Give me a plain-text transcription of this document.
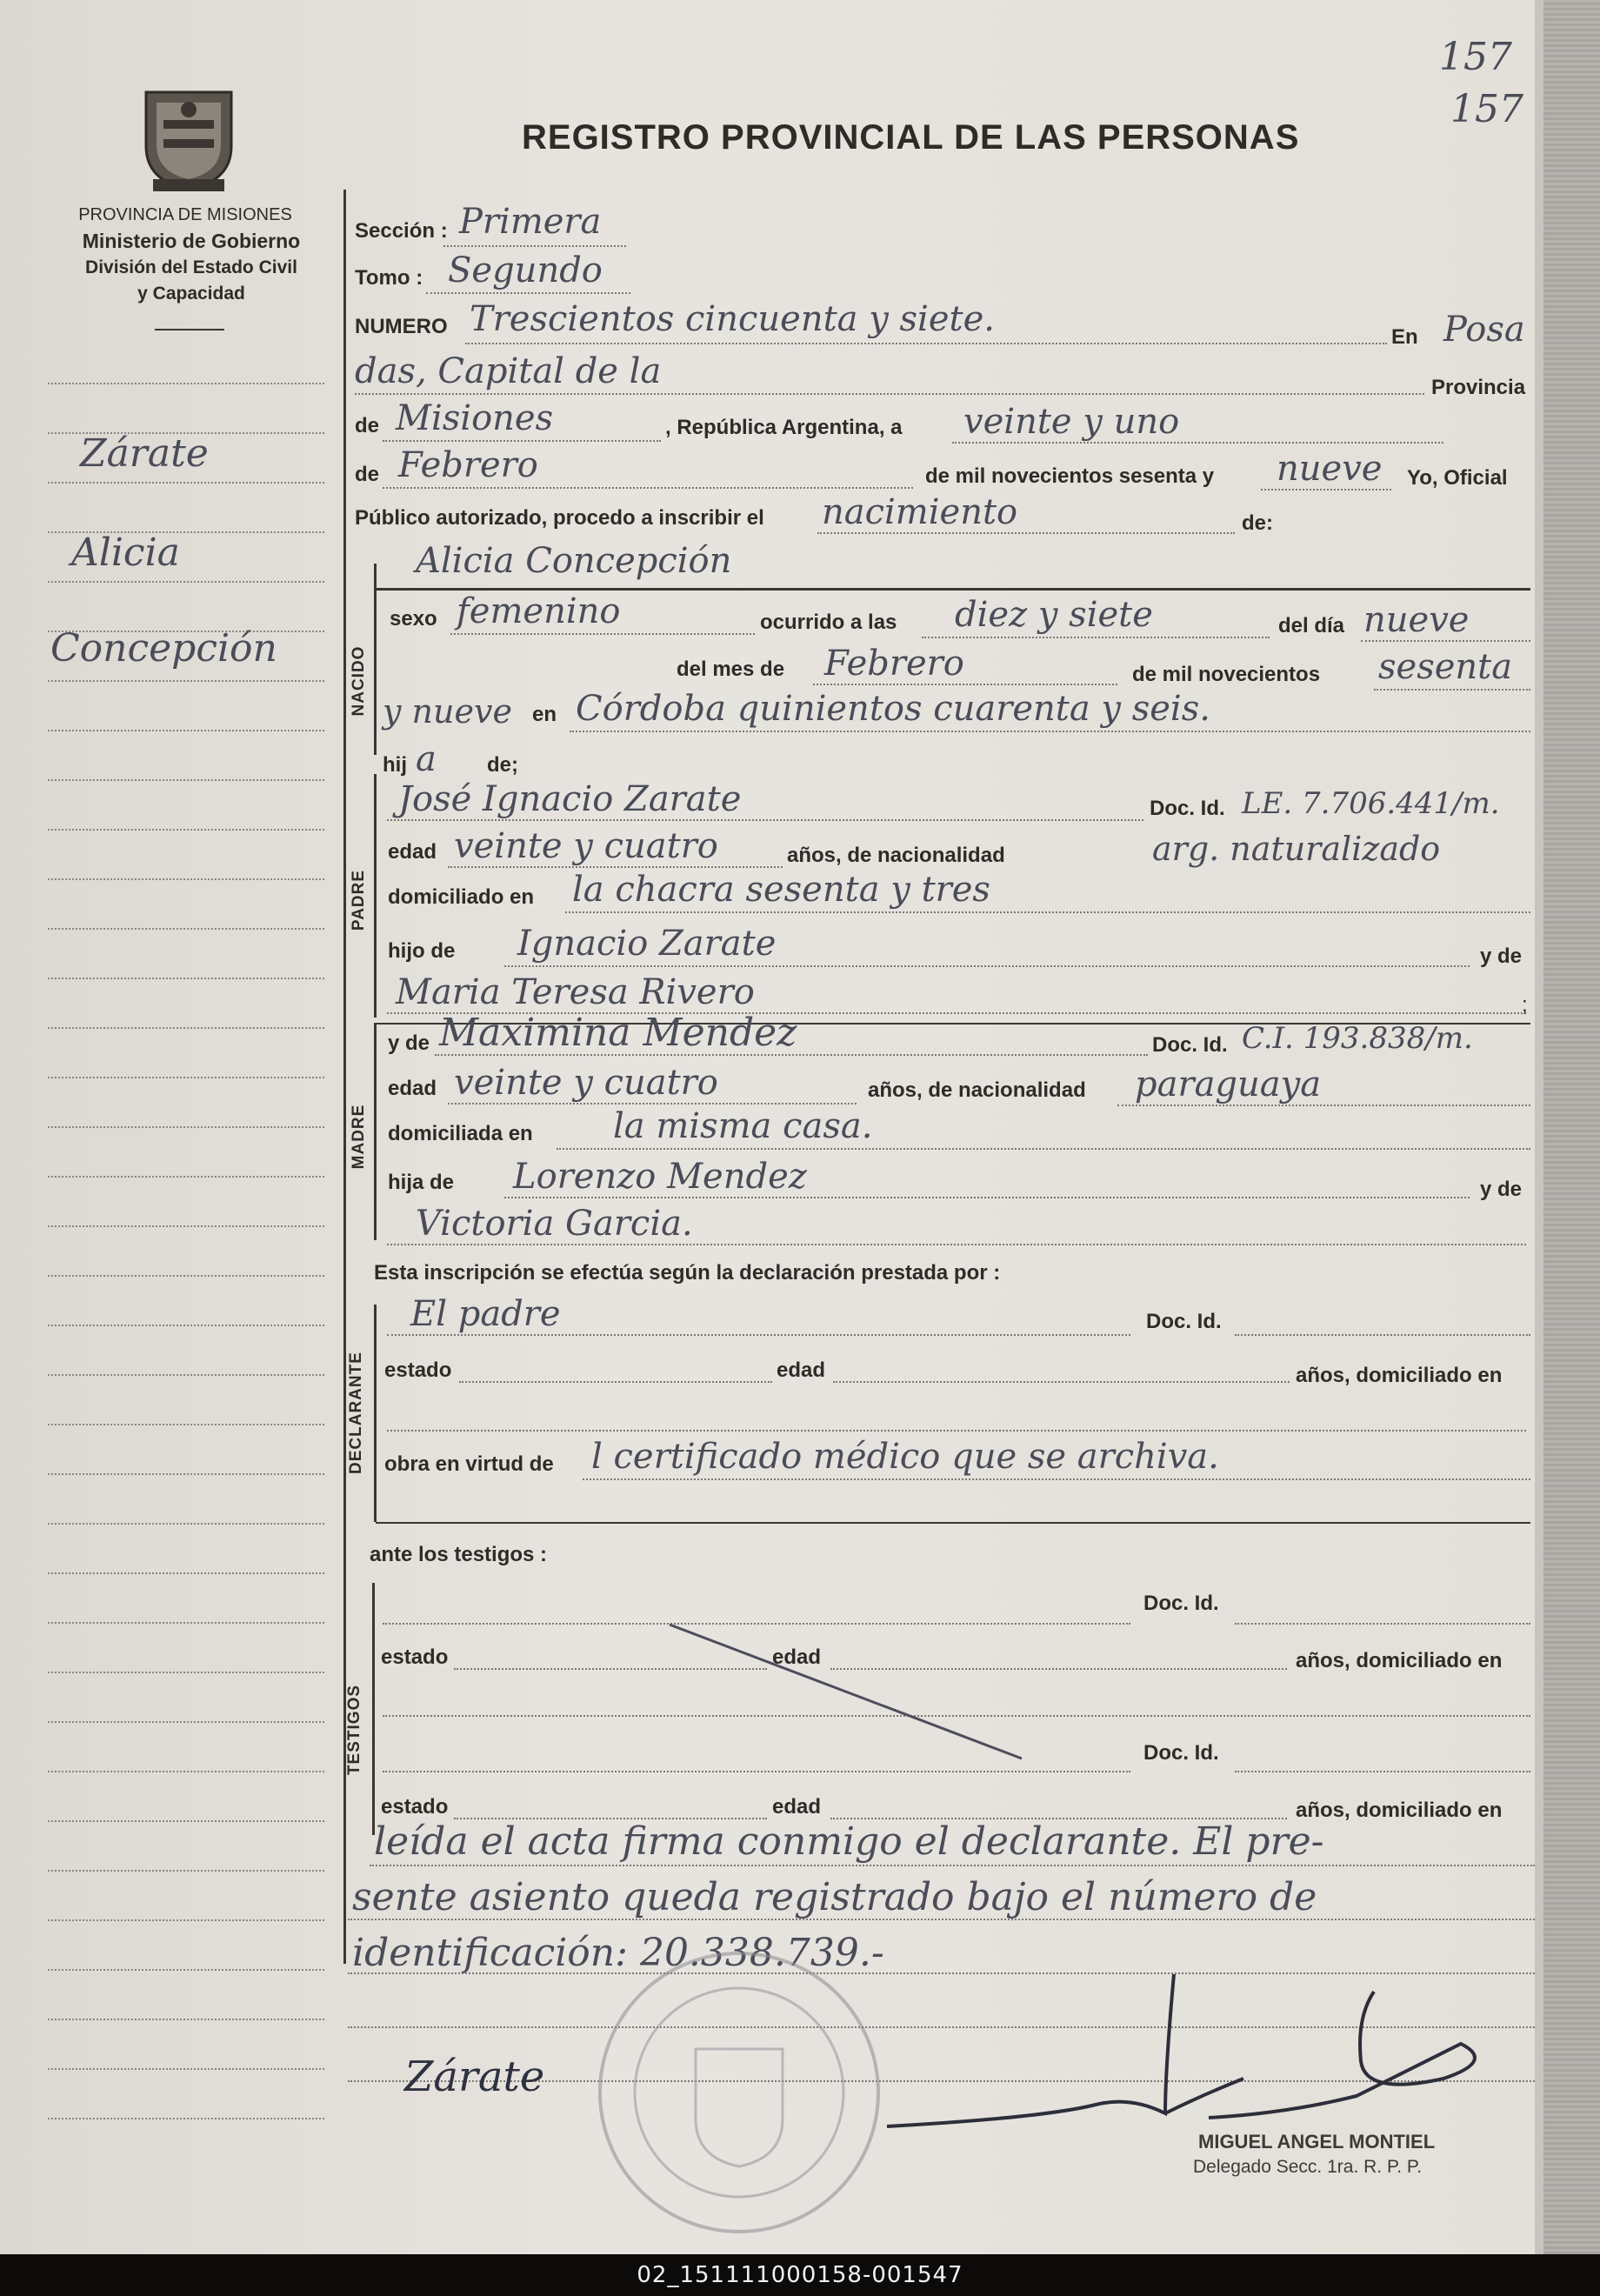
157
157
PROVINCIA DE MISIONES
Ministerio de Gobierno
División del Estado Civil
y Capacidad
Zárate
Alicia
Concepción
REGISTRO PROVINCIAL DE LAS PERSONAS
Sección : Primera
Tomo : Segundo
NUMERO Trescientos cincuenta y siete.	En Posa
das, Capital de la	Provincia
de Misiones	, República Argentina, a veinte y uno
de Febrero	de mil novecientos sesenta y nueve Yo, Oficial
Público autorizado, procedo a inscribir el nacimiento	de:
NACIDO
Alicia Concepción
sexo femenino	ocurrido a las diez y siete	del día nueve
del mes de Febrero	de mil novecientos sesenta
y nueve en Córdoba quinientos cuarenta y seis.
hij a de;
PADRE
José Ignacio Zarate	Doc. Id. LE. 7.706.441/m.
edad veinte y cuatro	años, de nacionalidad	arg. naturalizado
domiciliado en la chacra sesenta y tres
hijo de Ignacio Zarate	y de
Maria Teresa Rivero	;
MADRE
y de Maximina Mendez	Doc. Id. C.I. 193.838/m.
edad veinte y cuatro	años, de nacionalidad paraguaya
domiciliada en la misma casa.
hija de Lorenzo Mendez	y de
Victoria Garcia.
Esta inscripción se efectúa según la declaración prestada por :
DECLARANTE
El padre	Doc. Id.
estado	edad	años, domiciliado en
obra en virtud de l certificado médico que se archiva.
ante los testigos :
TESTIGOS
Doc. Id.
estado	edad	años, domiciliado en
Doc. Id.
estado	edad	años, domiciliado en
leída el acta firma conmigo el declarante. El pre-
sente asiento queda registrado bajo el número de
identificación: 20.338.739.-
Zárate
MIGUEL ANGEL MONTIEL
Delegado Secc. 1ra. R. P. P.
02_151111000158-001547
